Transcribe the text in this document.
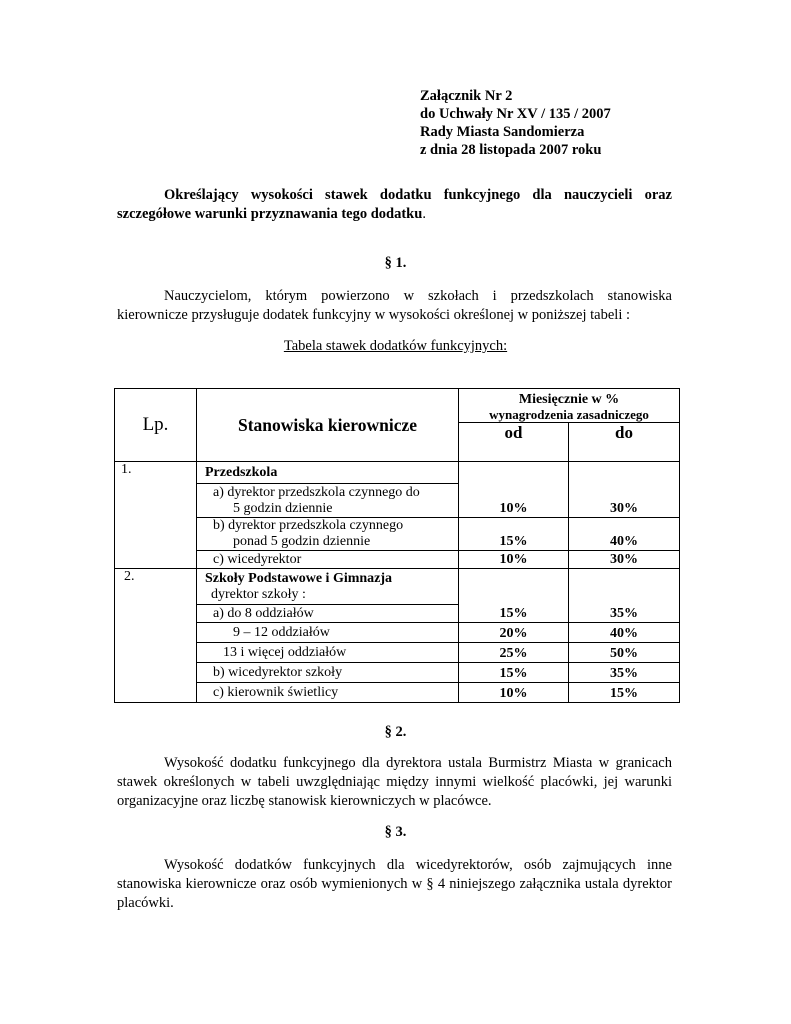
Załącznik Nr 2
do Uchwały Nr XV / 135 / 2007
Rady Miasta Sandomierza
z dnia 28 listopada 2007 roku
Określający wysokości stawek dodatku funkcyjnego dla nauczycieli oraz szczegółowe warunki przyznawania tego dodatku.
§ 1.
Nauczycielom, którym powierzono w szkołach i przedszkolach stanowiska kierownicze przysługuje dodatek funkcyjny w wysokości określonej w poniższej tabeli :
Tabela stawek dodatków funkcyjnych:
Lp.	Stanowiska kierownicze	Miesięcznie w %
wynagrodzenia zasadniczego	

		od	do
1.	Przedszkola		

	a) dyrektor przedszkola czynnego do
5 godzin dziennie	10%	30%

	b) dyrektor przedszkola czynnego
ponad 5 godzin dziennie	15%	40%

	c) wicedyrektor	10%	30%
2.	Szkoły Podstawowe i Gimnazja
dyrektor szkoły :		

	a) do 8 oddziałów	15%	35%

	9 – 12 oddziałów	20%	40%

	13 i więcej oddziałów	25%	50%

	b) wicedyrektor szkoły	15%	35%

	c) kierownik świetlicy	10%	15%
§ 2.
Wysokość dodatku funkcyjnego dla dyrektora ustala Burmistrz Miasta w granicach stawek określonych w tabeli uwzględniając między innymi wielkość placówki, jej warunki organizacyjne oraz liczbę stanowisk kierowniczych w placówce.
§ 3.
Wysokość dodatków funkcyjnych dla wicedyrektorów, osób zajmujących inne stanowiska kierownicze oraz osób wymienionych w § 4 niniejszego załącznika ustala dyrektor placówki.
